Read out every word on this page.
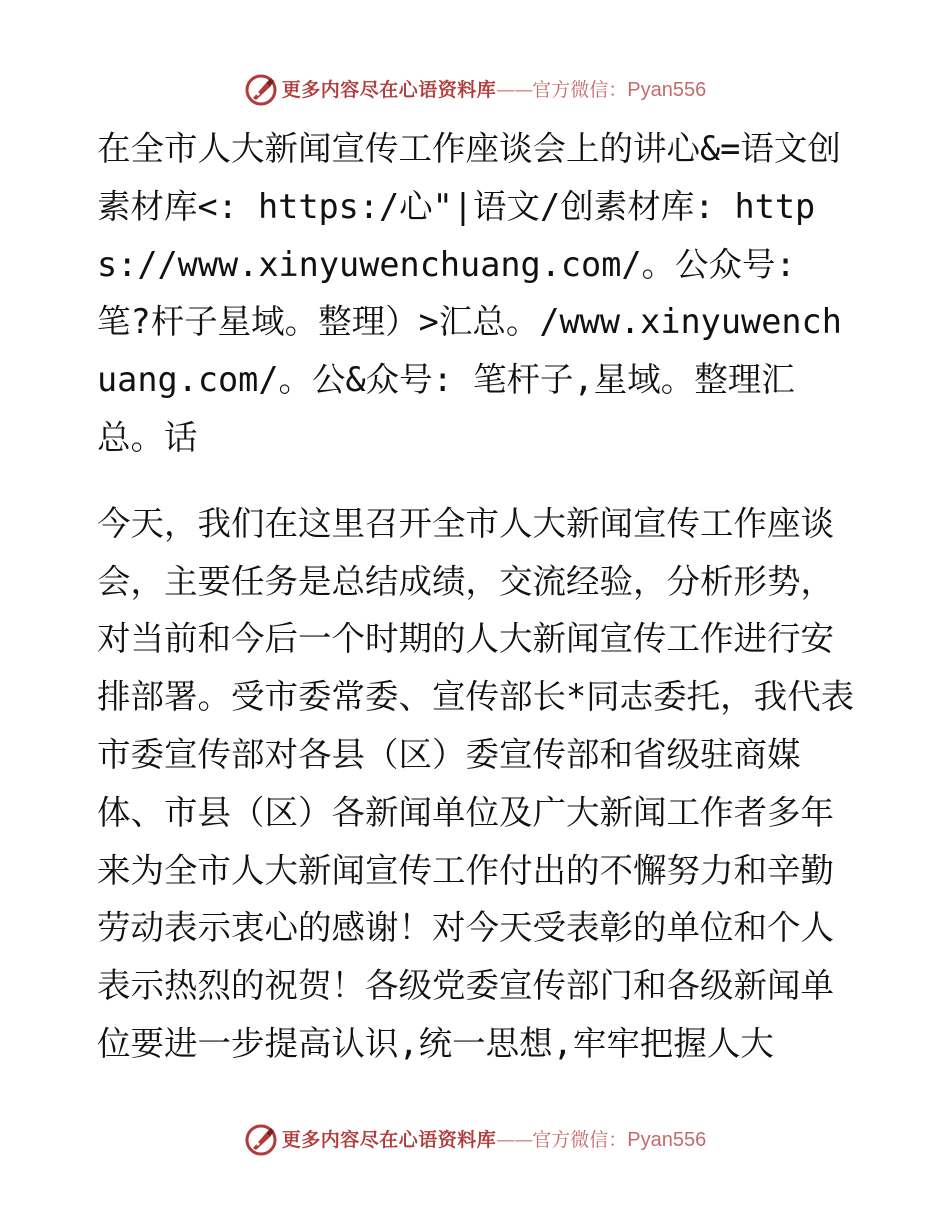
更多内容尽在心语资料库 —— 官方微信： Pyan556

在全市人大新闻宣传工作座谈会上的讲心&=语文创素材库<: https:/心"|语文/创素材库: https://www.xinyuwenchuang.com/。公众号: 笔?杆子星域。整理）>汇总。/www.xinyuwenchuang.com/。公&众号: 笔杆子,星域。整理汇总。话

今天，我们在这里召开全市人大新闻宣传工作座谈会，主要任务是总结成绩，交流经验，分析形势，对当前和今后一个时期的人大新闻宣传工作进行安排部署。受市委常委、宣传部长*同志委托，我代表市委宣传部对各县（区）委宣传部和省级驻商媒体、市县（区）各新闻单位及广大新闻工作者多年来为全市人大新闻宣传工作付出的不懈努力和辛勤劳动表示衷心的感谢！对今天受表彰的单位和个人表示热烈的祝贺！各级党委宣传部门和各级新闻单位要进一步提高认识,统一思想,牢牢把握人大

更多内容尽在心语资料库 —— 官方微信： Pyan556
